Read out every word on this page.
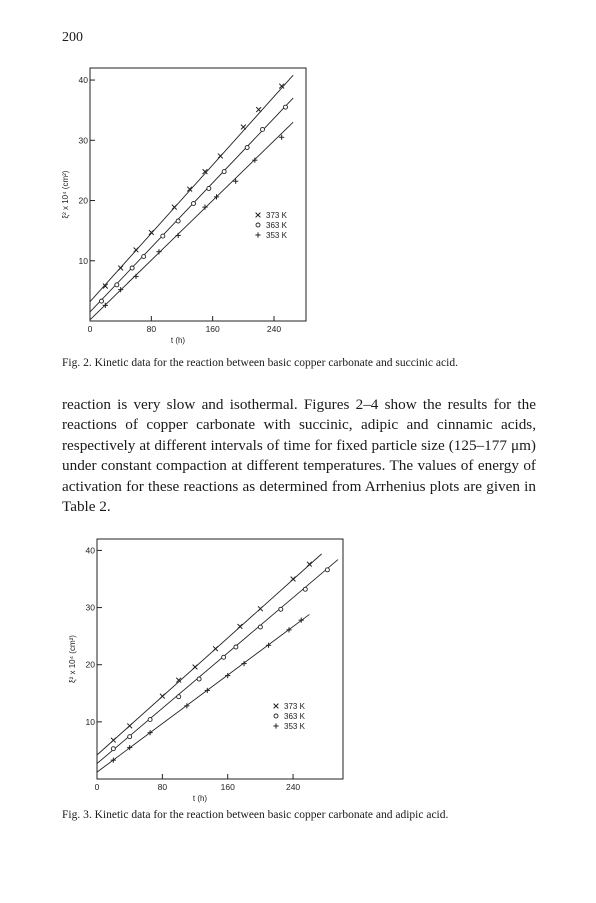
200
0	80	160	240
10
20
30
40
t (h)
ξ² x 10⁴ (cm²)	373 K
363 K
353 K
Fig. 2. Kinetic data for the reaction between basic copper carbonate and succinic acid.
reaction is very slow and isothermal. Figures 2–4 show the results for the reactions of copper carbonate with succinic, adipic and cinnamic acids, respectively at different intervals of time for fixed particle size (125–177 μm) under constant compaction at different temperatures. The values of energy of activation for these reactions as determined from Arrhenius plots are given in Table 2.
0	80	160	240
10
20
30
40
t (h)
ξ² x 10⁴ (cm²)
373 K
363 K
353 K
Fig. 3. Kinetic data for the reaction between basic copper carbonate and adipic acid.
